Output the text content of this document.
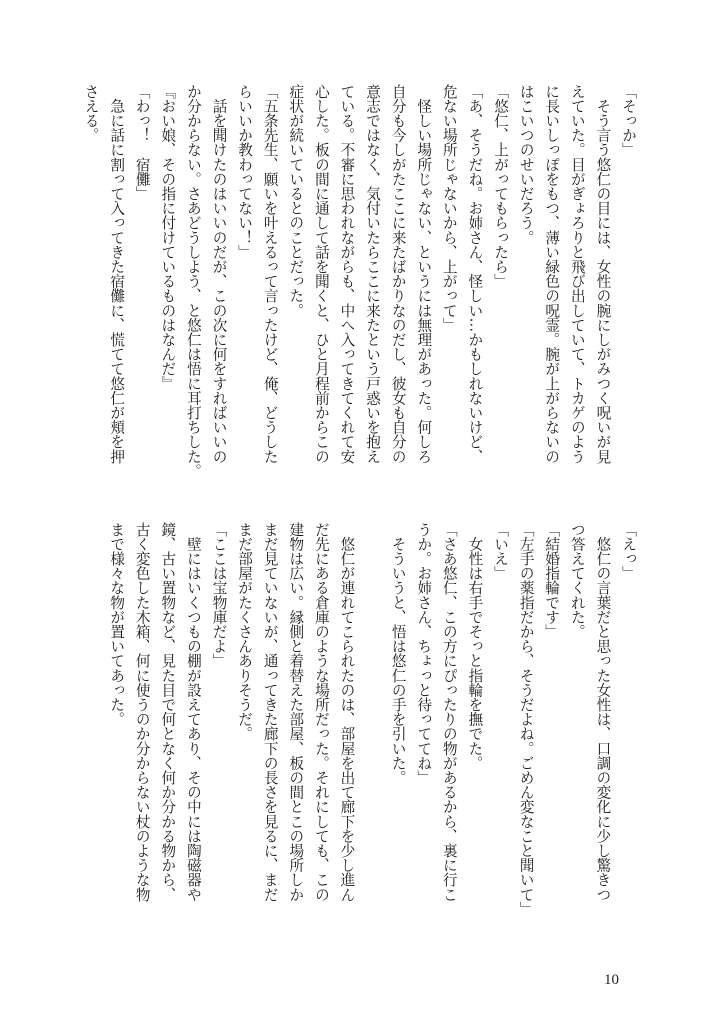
「そっか」
　そう言う悠仁の目には、女性の腕にしがみつく呪いが見
えていた。目がぎょろりと飛び出していて、トカゲのよう
に長いしっぽをもつ、薄い緑色の呪霊。腕が上がらないの
はこいつのせいだろう。
「悠仁、上がってもらったら」
「あ、そうだね。お姉さん、怪しい…かもしれないけど、
危ない場所じゃないから、上がって」
　怪しい場所じゃない、というには無理があった。何しろ
自分も今しがたここに来たばかりなのだし、彼女も自分の
意志ではなく、気付いたらここに来たという戸惑いを抱え
ている。不審に思われながらも、中へ入ってきてくれて安
心した。板の間に通して話を聞くと、ひと月程前からこの
症状が続いているとのことだった。
「五条先生、願いを叶えるって言ったけど、俺、どうした
らいいか教わってない！」
　話を聞けたのはいいのだが、この次に何をすればいいの
か分からない。さあどうしよう、と悠仁は悟に耳打ちした。
『おい娘、その指に付けているものはなんだ』
「わっ！　宿儺」
　急に話に割って入ってきた宿儺に、慌てて悠仁が頬を押
さえる。
「えっ」
　悠仁の言葉だと思った女性は、口調の変化に少し驚きつ
つ答えてくれた。
「結婚指輪です」
「左手の薬指だから、そうだよね。ごめん変なこと聞いて」
「いえ」
　女性は右手でそっと指輪を撫でた。
「さあ悠仁、この方にぴったりの物があるから、裏に行こ
うか。お姉さん、ちょっと待っててね」
　そういうと、悟は悠仁の手を引いた。

　悠仁が連れてこられたのは、部屋を出て廊下を少し進ん
だ先にある倉庫のような場所だった。それにしても、この
建物は広い。縁側と着替えた部屋、板の間とこの場所しか
まだ見ていないが、通ってきた廊下の長さを見るに、まだ
まだ部屋がたくさんありそうだ。
「ここは宝物庫だよ」
　壁にはいくつもの棚が設えてあり、その中には陶磁器や
鏡、古い置物など、見た目で何となく何か分かる物から、
古く変色した木箱、何に使うのか分からない杖のような物
まで様々な物が置いてあった。
10
